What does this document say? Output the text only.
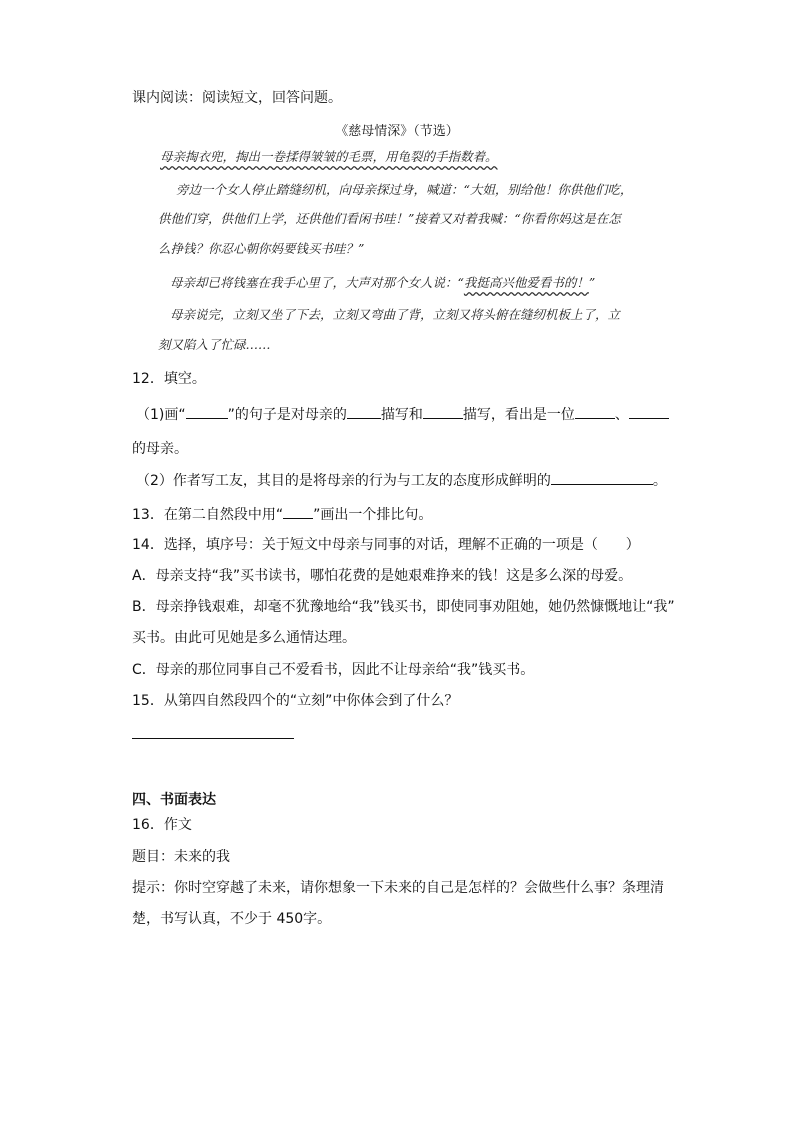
课内阅读：阅读短文，回答问题。
《慈母情深》（节选）
母亲掏衣兜，掏出一卷揉得皱皱的毛票，用龟裂的手指数着。
旁边一个女人停止踏缝纫机，向母亲探过身，喊道：“大姐，别给他！你供他们吃，
供他们穿，供他们上学，还供他们看闲书哇！”接着又对着我喊：“你看你妈这是在怎
么挣钱？你忍心朝你妈要钱买书哇？”
母亲却已将钱塞在我手心里了，大声对那个女人说：“我挺高兴他爱看书的！”
母亲说完，立刻又坐了下去，立刻又弯曲了背，立刻又将头俯在缝纫机板上了，立
刻又陷入了忙碌……
12．填空。
（1)画“	”的句子是对母亲的 描写和	描写，看出是一位	、
的母亲。
（2）作者写工友，其目的是将母亲的行为与工友的态度形成鲜明的	。
13．在第二自然段中用“ ”画出一个排比句。
14．选择，填序号：关于短文中母亲与同事的对话，理解不正确的一项是（　　）
A．母亲支持“我”买书读书，哪怕花费的是她艰难挣来的钱！这是多么深的母爱。
B．母亲挣钱艰难，却毫不犹豫地给“我”钱买书，即使同事劝阻她，她仍然慷慨地让“我”
买书。由此可见她是多么通情达理。
C．母亲的那位同事自己不爱看书，因此不让母亲给“我”钱买书。
15．从第四自然段四个的“立刻”中你体会到了什么？
四、书面表达
16．作文
题目：未来的我
提示：你时空穿越了未来，请你想象一下未来的自己是怎样的？会做些什么事？条理清
楚，书写认真，不少于 450字。
